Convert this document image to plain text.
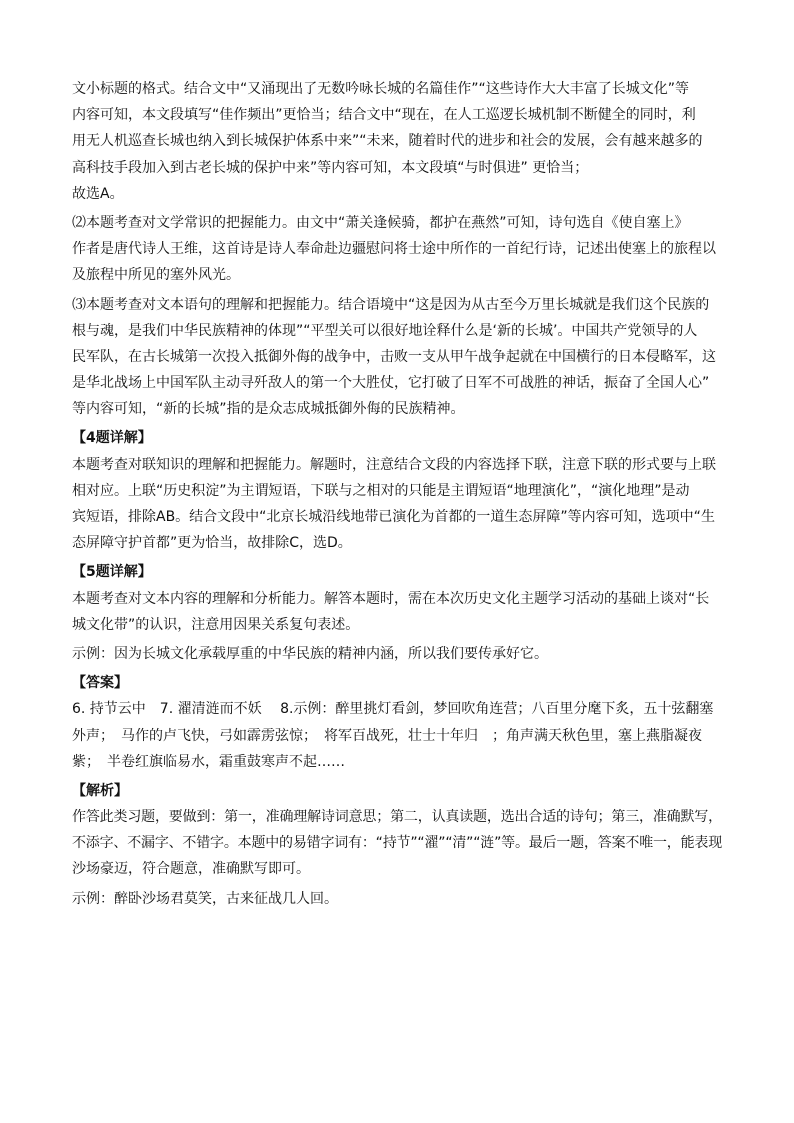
文小标题的格式。结合文中“又涌现出了无数吟咏长城的名篇佳作”“这些诗作大大丰富了长城文化”等
内容可知，本文段填写“佳作频出”更恰当；结合文中“现在，在人工巡逻长城机制不断健全的同时，利
用无人机巡查长城也纳入到长城保护体系中来”“未来，随着时代的进步和社会的发展，会有越来越多的
高科技手段加入到古老长城的保护中来”等内容可知，本文段填“与时俱进” 更恰当；
故选A。
⑵本题考查对文学常识的把握能力。由文中“萧关逢候骑，都护在燕然”可知，诗句选自《使自塞上》
作者是唐代诗人王维，这首诗是诗人奉命赴边疆慰问将士途中所作的一首纪行诗，记述出使塞上的旅程以
及旅程中所见的塞外风光。
⑶本题考查对文本语句的理解和把握能力。结合语境中“这是因为从古至今万里长城就是我们这个民族的
根与魂，是我们中华民族精神的体现”“平型关可以很好地诠释什么是‘新的长城’。中国共产党领导的人
民军队，在古长城第一次投入抵御外侮的战争中，击败一支从甲午战争起就在中国横行的日本侵略军，这
是华北战场上中国军队主动寻歼敌人的第一个大胜仗，它打破了日军不可战胜的神话，振奋了全国人心”
等内容可知，“新的长城”指的是众志成城抵御外侮的民族精神。
【4题详解】
本题考查对联知识的理解和把握能力。解题时，注意结合文段的内容选择下联，注意下联的形式要与上联
相对应。上联“历史积淀”为主谓短语，下联与之相对的只能是主谓短语“地理演化”，“演化地理”是动
宾短语，排除AB。结合文段中“北京长城沿线地带已演化为首都的一道生态屏障”等内容可知，选项中“生
态屏障守护首都”更为恰当，故排除C，选D。
【5题详解】
本题考查对文本内容的理解和分析能力。解答本题时，需在本次历史文化主题学习活动的基础上谈对“长
城文化带”的认识，注意用因果关系复句表述。
示例：因为长城文化承载厚重的中华民族的精神内涵，所以我们要传承好它。
【答案】
6. 持节云中　7. 濯清涟而不妖　 8.示例：醉里挑灯看剑，梦回吹角连营；八百里分麾下炙，五十弦翻塞
外声；　马作的卢飞快，弓如霹雳弦惊；　将军百战死，壮士十年归　；角声满天秋色里，塞上燕脂凝夜
紫；　半卷红旗临易水，霜重鼓寒声不起……
【解析】
作答此类习题，要做到：第一，准确理解诗词意思；第二，认真读题，选出合适的诗句；第三，准确默写，
不添字、不漏字、不错字。本题中的易错字词有：“持节”“濯”“清”“涟”等。最后一题，答案不唯一，能表现
沙场豪迈，符合题意，准确默写即可。
示例：醉卧沙场君莫笑，古来征战几人回。
